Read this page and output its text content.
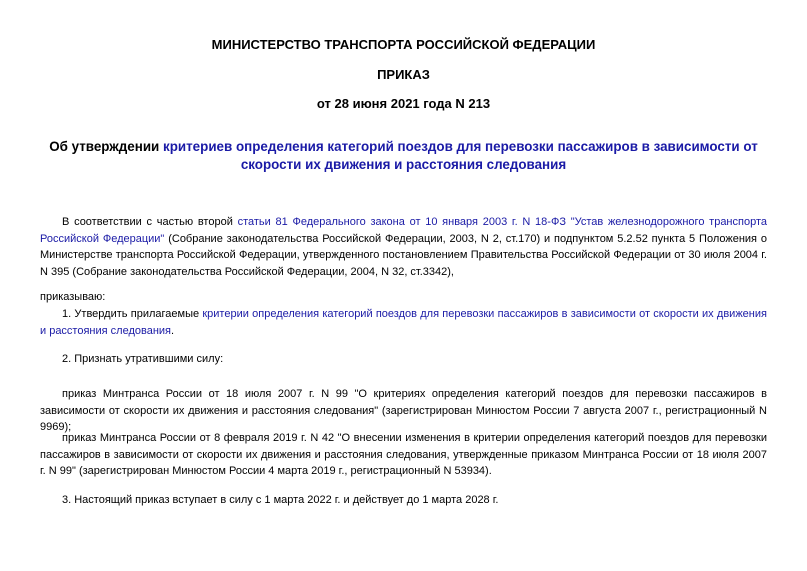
МИНИСТЕРСТВО ТРАНСПОРТА РОССИЙСКОЙ ФЕДЕРАЦИИ
ПРИКАЗ
от 28 июня 2021 года N 213
Об утверждении критериев определения категорий поездов для перевозки пассажиров в зависимости от скорости их движения и расстояния следования
В соответствии с частью второй статьи 81 Федерального закона от 10 января 2003 г. N 18-ФЗ "Устав железнодорожного транспорта Российской Федерации" (Собрание законодательства Российской Федерации, 2003, N 2, ст.170) и подпунктом 5.2.52 пункта 5 Положения о Министерстве транспорта Российской Федерации, утвержденного постановлением Правительства Российской Федерации от 30 июля 2004 г. N 395 (Собрание законодательства Российской Федерации, 2004, N 32, ст.3342),
приказываю:
1. Утвердить прилагаемые критерии определения категорий поездов для перевозки пассажиров в зависимости от скорости их движения и расстояния следования.
2. Признать утратившими силу:
приказ Минтранса России от 18 июля 2007 г. N 99 "О критериях определения категорий поездов для перевозки пассажиров в зависимости от скорости их движения и расстояния следования" (зарегистрирован Минюстом России 7 августа 2007 г., регистрационный N 9969);
приказ Минтранса России от 8 февраля 2019 г. N 42 "О внесении изменения в критерии определения категорий поездов для перевозки пассажиров в зависимости от скорости их движения и расстояния следования, утвержденные приказом Минтранса России от 18 июля 2007 г. N 99" (зарегистрирован Минюстом России 4 марта 2019 г., регистрационный N 53934).
3. Настоящий приказ вступает в силу с 1 марта 2022 г. и действует до 1 марта 2028 г.
